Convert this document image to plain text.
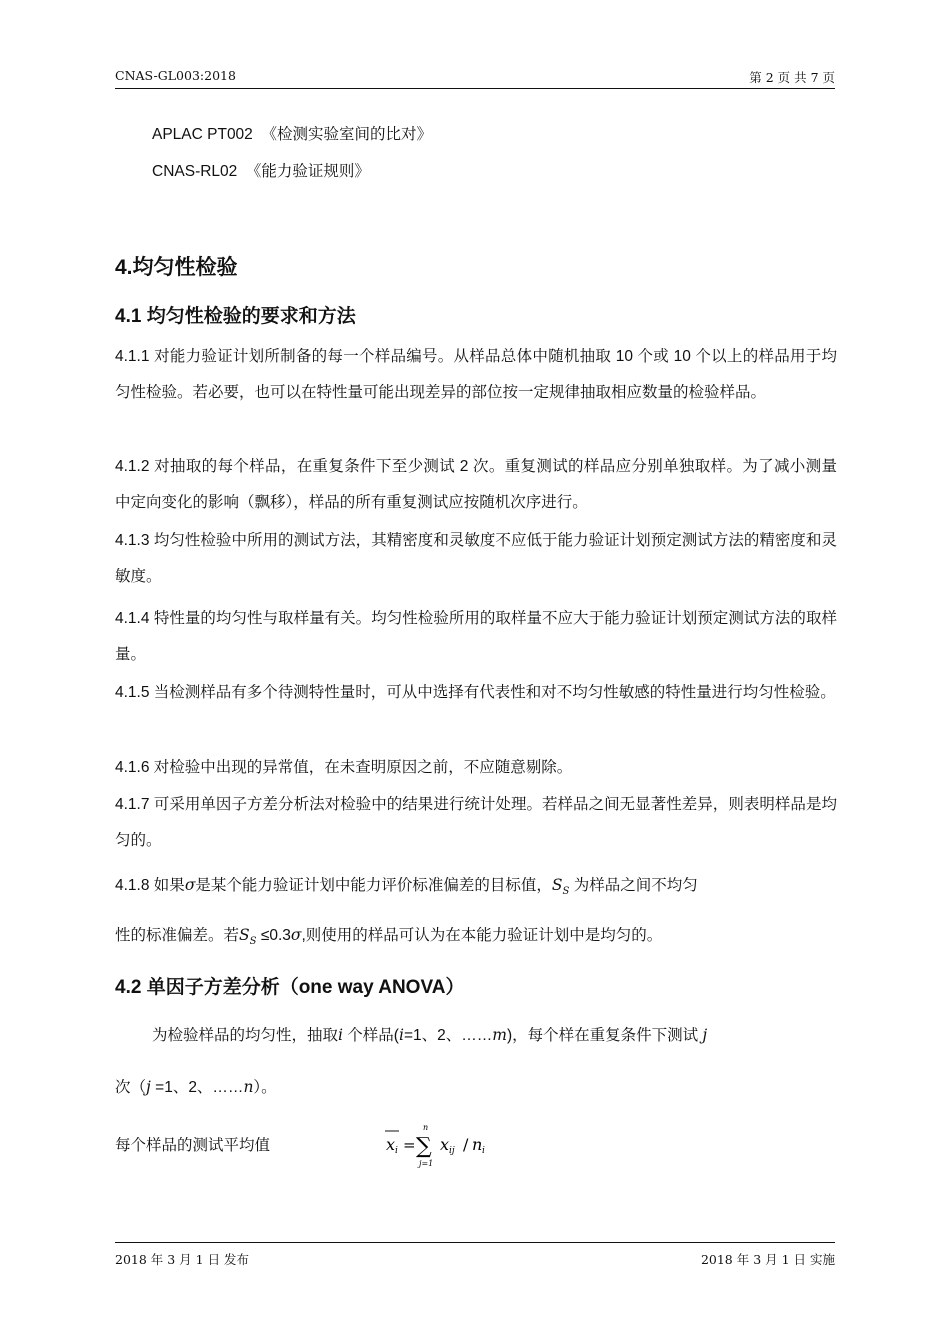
CNAS-GL003:2018	第 2 页 共 7 页
APLAC PT002 《检测实验室间的比对》
CNAS-RL02 《能力验证规则》
4.均匀性检验
4.1 均匀性检验的要求和方法
4.1.1 对能力验证计划所制备的每一个样品编号。从样品总体中随机抽取 10 个或 10 个以上的样品用于均匀性检验。若必要，也可以在特性量可能出现差异的部位按一定规律抽取相应数量的检验样品。
4.1.2 对抽取的每个样品，在重复条件下至少测试 2 次。重复测试的样品应分别单独取样。为了减小测量中定向变化的影响（飘移），样品的所有重复测试应按随机次序进行。
4.1.3 均匀性检验中所用的测试方法，其精密度和灵敏度不应低于能力验证计划预定测试方法的精密度和灵敏度。
4.1.4 特性量的均匀性与取样量有关。均匀性检验所用的取样量不应大于能力验证计划预定测试方法的取样量。
4.1.5 当检测样品有多个待测特性量时，可从中选择有代表性和对不均匀性敏感的特性量进行均匀性检验。
4.1.6 对检验中出现的异常值，在未查明原因之前，不应随意剔除。
4.1.7 可采用单因子方差分析法对检验中的结果进行统计处理。若样品之间无显著性差异，则表明样品是均匀的。
4.1.8 如果σ是某个能力验证计划中能力评价标准偏差的目标值，$S_S$ 为样品之间不均匀
性的标准偏差。若$S_S \le 0.3\sigma$,则使用的样品可认为在本能力验证计划中是均匀的。
4.2 单因子方差分析（one way ANOVA）
为检验样品的均匀性，抽取i 个样品(i=1、2、……m)，每个样在重复条件下测试 j
次（j =1、2、……n）。
每个样品的测试平均值	x i =
n
∑
j=1
x ij / n i
2018 年 3 月 1 日 发布	2018 年 3 月 1 日 实施
